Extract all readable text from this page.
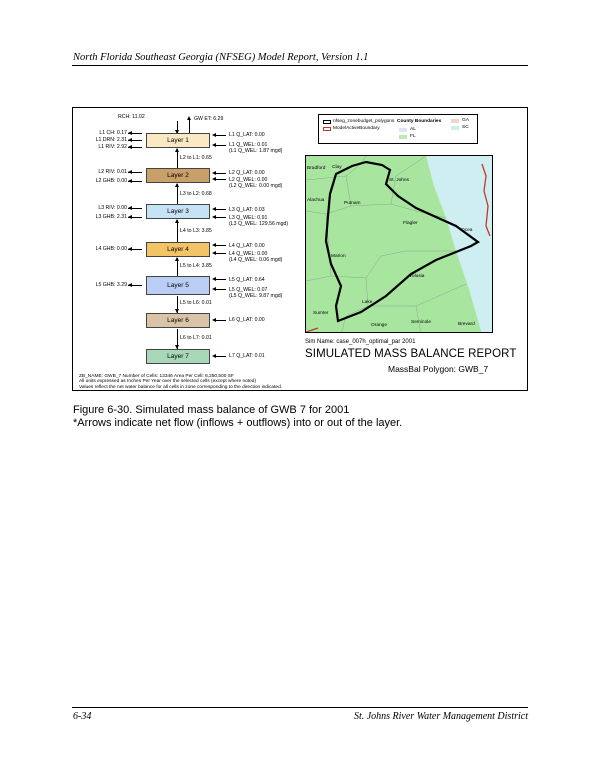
North Florida Southeast Georgia (NFSEG) Model Report, Version 1.1
RCH: 11.02	GW ET: 6.29
Layer 1
L1 CH: 0.17
L1 DRN: 2.31
L1 RIV: 2.92
L1 Q_LAT: 0.00
L1 Q_WEL: 0.01
(L1 Q_WEL: 1.87 mgd)
L2 to L1: 0.65
Layer 2
L2 RIV: 0.01
L2 GHB: 0.00
L2 Q_LAT: 0.00
L2 Q_WEL: 0.00
(L2 Q_WEL: 0.00 mgd)
L3 to L2: 0.68
Layer 3
L3 RIV: 0.00
L3 GHB: 2.31
L3 Q_LAT: 0.03
L3 Q_WEL: 0.91
(L3 Q_WEL: 129.56 mgd)
L4 to L3: 3.85
Layer 4
L4 GHB: 0.00	L4 Q_LAT: 0.00
L4 Q_WEL: 0.00
(L4 Q_WEL: 0.06 mgd)
L5 to L4: 3.85
Layer 5
L5 GHB: 3.29
L5 Q_LAT: 0.64
L5 Q_WEL: 0.07
(L5 Q_WEL: 9.87 mgd)
L5 to L6: 0.01
Layer 6	L6 Q_LAT: 0.00
L6 to L7: 0.01
Layer 7	L7 Q_LAT: 0.01
nfseg_zonebudget_polygons
ModelActiveBoundary
County Boundaries
AL
FL
GA
SC
Bradford Clay
St. Johns
Alachua
Putnam
Flagler
Ocea
Marion
Volusia
Lake
Sumter
Orange
Seminole	Brevard
Sim Name: case_007h_optimal_par 2001
SIMULATED MASS BALANCE REPORT
MassBal Polygon: GWB_7
ZB_NAME: GWB_7 Number of Cells: 13346 Area Per Cell: 6,250,500 SF
All units expressed as Inches Per Year over the selected cells (except where noted)
Values reflect the net water balance for all cells in zone corresponding to the direction indicated.
Figure 6-30. Simulated mass balance of GWB 7 for 2001
*Arrows indicate net flow (inflows + outflows) into or out of the layer.
6-34	St. Johns River Water Management District
